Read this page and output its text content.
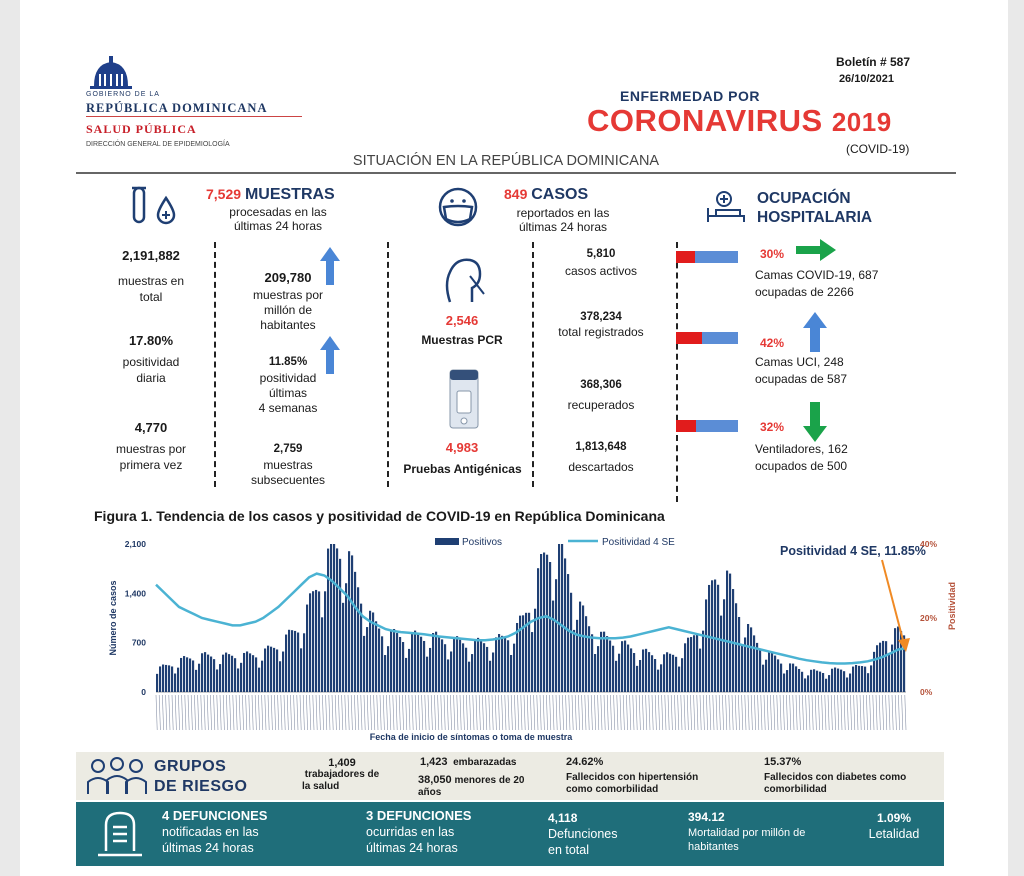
Boletín # 587
26/10/2021
GOBIERNO DE LA
REPÚBLICA DOMINICANA
SALUD PÚBLICA
DIRECCIÓN GENERAL DE EPIDEMIOLOGÍA
ENFERMEDAD POR
CORONAVIRUS 2019
(COVID-19)
SITUACIÓN EN LA REPÚBLICA DOMINICANA
7,529 MUESTRAS
procesadas en las
últimas 24 horas
2,191,882
muestras en
total
17.80%
positividad
diaria
4,770
muestras por
primera vez
209,780
muestras por
millón de
habitantes
11.85%
positividad
últimas
4 semanas
2,759
muestras
subsecuentes
2,546
Muestras PCR
4,983
Pruebas Antigénicas
849 CASOS
reportados en las
últimas 24 horas
5,810
casos activos
378,234
total registrados
368,306
recuperados
1,813,648
descartados
OCUPACIÓN
HOSPITALARIA
30%
Camas COVID-19, 687
ocupadas de 2266
42%
Camas UCI, 248
ocupadas de 587
32%
Ventiladores, 162
ocupados de 500
Figura 1. Tendencia de los casos y positividad de COVID-19 en República Dominicana
0
700
1,400
2,100
0%
20%
40%
Número de casos	Positividad
Fecha de inicio de síntomas o toma de muestra
Positivos	Positividad 4 SE
Positividad 4 SE, 11.85%
GRUPOS
DE RIESGO
1,409
trabajadores de
la salud
1,423 embarazadas
38,050 menores de 20
años
24.62%
Fallecidos con hipertensión
como comorbilidad
15.37%
Fallecidos con diabetes como
comorbilidad
4 DEFUNCIONES
notificadas en las
últimas 24 horas
3 DEFUNCIONES
ocurridas en las
últimas 24 horas
4,118
Defunciones
en total
394.12
Mortalidad por millón de
habitantes
1.09%
Letalidad
